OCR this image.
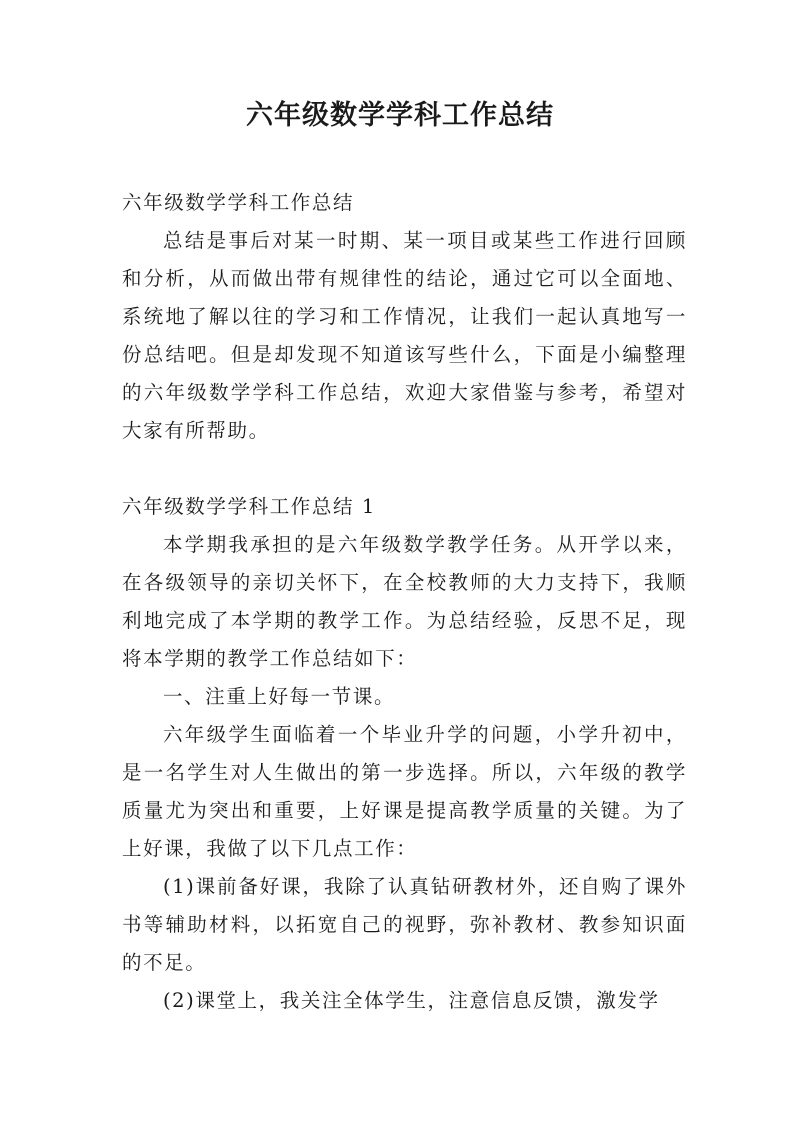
六年级数学学科工作总结

六年级数学学科工作总结

总结是事后对某一时期、某一项目或某些工作进行回顾和分析，从而做出带有规律性的结论，通过它可以全面地、系统地了解以往的学习和工作情况，让我们一起认真地写一份总结吧。但是却发现不知道该写些什么，下面是小编整理的六年级数学学科工作总结，欢迎大家借鉴与参考，希望对大家有所帮助。

六年级数学学科工作总结 1

本学期我承担的是六年级数学教学任务。从开学以来，在各级领导的亲切关怀下，在全校教师的大力支持下，我顺利地完成了本学期的教学工作。为总结经验，反思不足，现将本学期的教学工作总结如下：

一、注重上好每一节课。

六年级学生面临着一个毕业升学的问题，小学升初中，是一名学生对人生做出的第一步选择。所以，六年级的教学质量尤为突出和重要，上好课是提高教学质量的关键。为了上好课，我做了以下几点工作：

(1)课前备好课，我除了认真钻研教材外，还自购了课外书等辅助材料，以拓宽自己的视野，弥补教材、教参知识面的不足。

(2)课堂上，我关注全体学生，注意信息反馈，激发学
